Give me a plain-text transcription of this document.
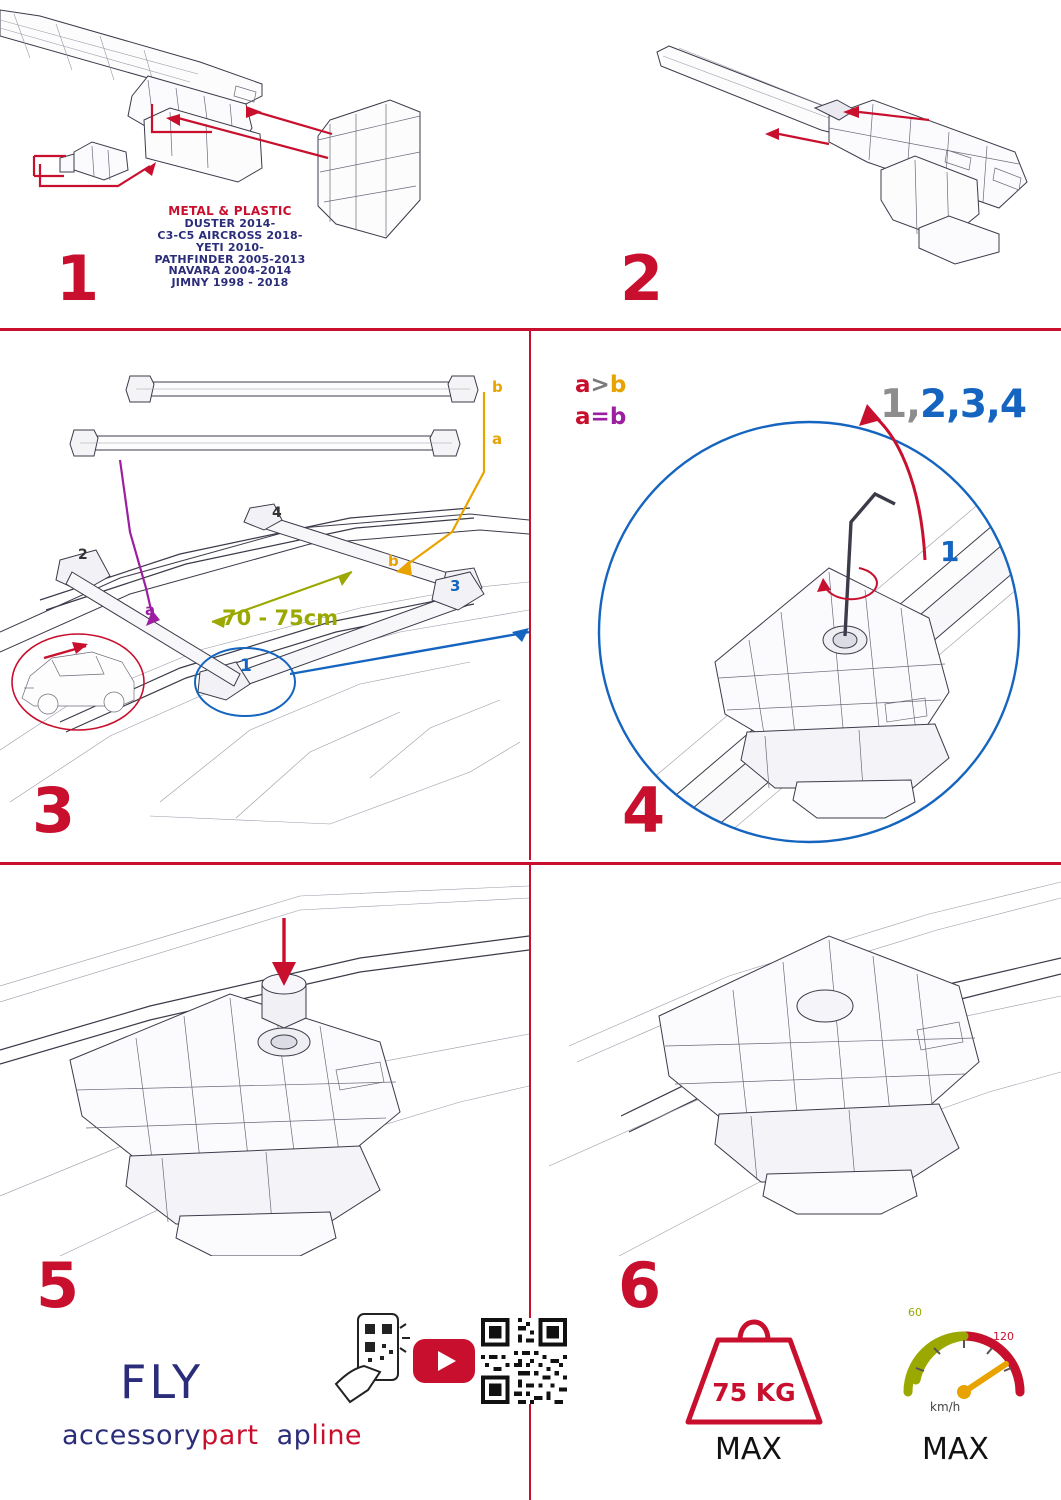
METAL & PLASTIC
DUSTER 2014-
C3-C5 AIRCROSS 2018-
YETI 2010-
PATHFINDER 2005-2013
NAVARA 2004-2014
JIMNY 1998 - 2018
1	2
a>b
a=b
70 - 75cm
b
a
b
a
2
3
4
1
3
1,2,3,4
1
4
5
FLY
accessorypart apline
6
75 KG
MAX
60
120
km/h
MAX
